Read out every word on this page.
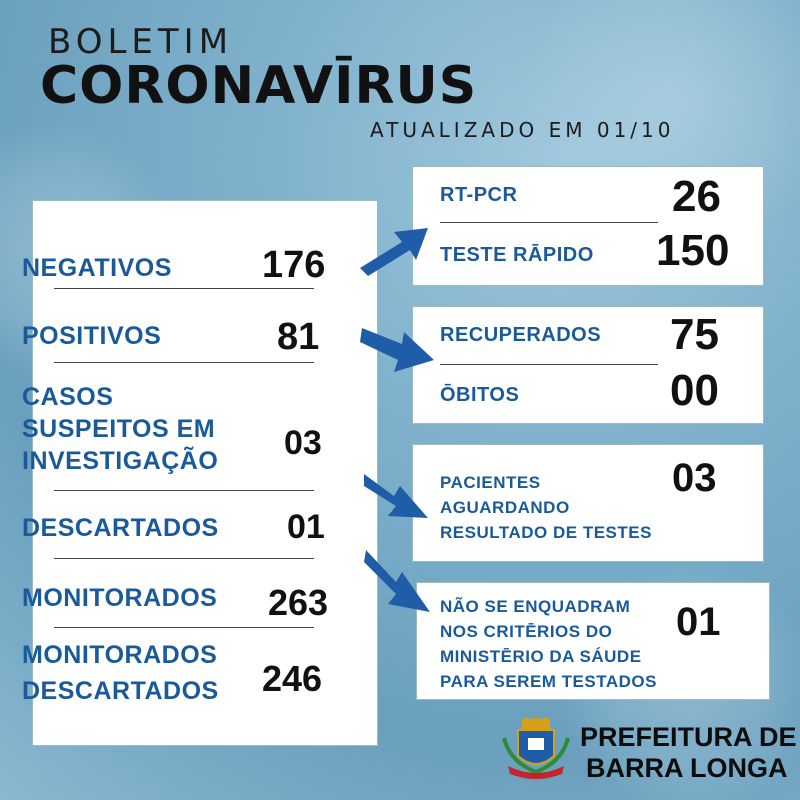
BOLETIM
CORONAVĪRUS
ATUALIZADO EM 01/10
NEGATIVOS 176
POSITIVOS	81
CASOS
SUSPEITOS EM
INVESTIGAÇÃO 03
DESCARTADOS 01
MONITORADOS 263
MONITORADOS
DESCARTADOS 246
RT-PCR	26
TESTE RĀPIDO 150
RECUPERADOS 75
ŌBITOS	00
PACIENTES
AGUARDANDO
RESULTADO DE TESTES
03
NÃO SE ENQUADRAM
NOS CRITĒRIOS DO
MINISTĒRIO DA SÁUDE
PARA SEREM TESTADOS
01
PREFEITURA DE
BARRA LONGA
